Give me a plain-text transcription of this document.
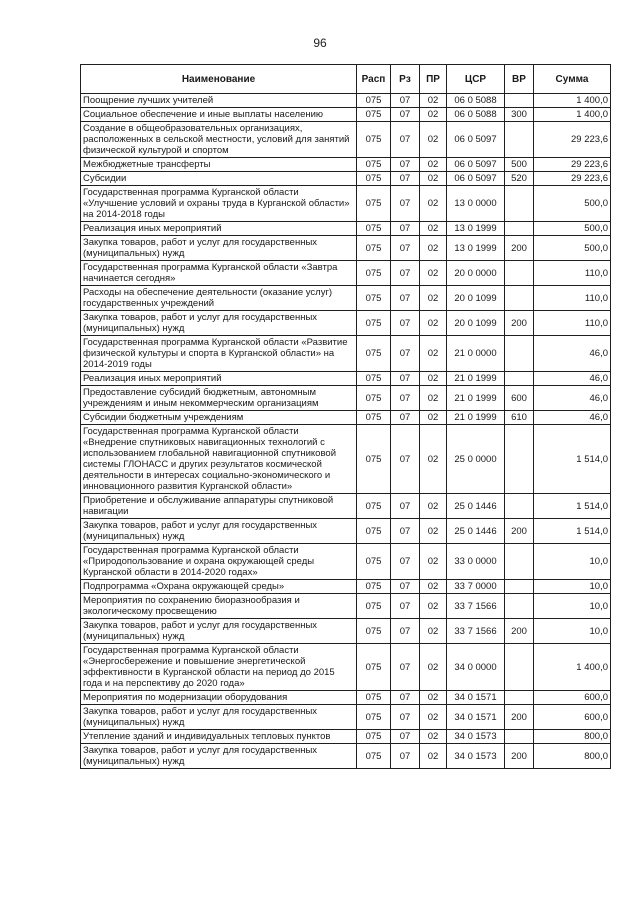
96
Наименование	Расп	Рз	ПР	ЦСР	ВР	Сумма
Поощрение лучших учителей	075	07	02	06 0 5088		1 400,0
Социальное обеспечение и иные выплаты населению	075	07	02	06 0 5088	300	1 400,0
Создание в общеобразовательных организациях, расположенных в сельской местности, условий для занятий физической культурой и спортом	075	07	02	06 0 5097		29 223,6
Межбюджетные трансферты	075	07	02	06 0 5097	500	29 223,6
Субсидии	075	07	02	06 0 5097	520	29 223,6
Государственная программа Курганской области «Улучшение условий и охраны труда в Курганской области» на 2014-2018 годы	075	07	02	13 0 0000		500,0
Реализация иных мероприятий	075	07	02	13 0 1999		500,0
Закупка товаров, работ и услуг для государственных (муниципальных) нужд	075	07	02	13 0 1999	200	500,0
Государственная программа Курганской области «Завтра начинается сегодня»	075	07	02	20 0 0000		110,0
Расходы на обеспечение деятельности (оказание услуг) государственных учреждений	075	07	02	20 0 1099		110,0
Закупка товаров, работ и услуг для государственных (муниципальных) нужд	075	07	02	20 0 1099	200	110,0
Государственная программа Курганской области «Развитие физической культуры и спорта в Курганской области» на 2014-2019 годы	075	07	02	21 0 0000		46,0
Реализация иных мероприятий	075	07	02	21 0 1999		46,0
Предоставление субсидий бюджетным, автономным учреждениям и иным некоммерческим организациям	075	07	02	21 0 1999	600	46,0
Субсидии бюджетным учреждениям	075	07	02	21 0 1999	610	46,0
Государственная программа Курганской области «Внедрение спутниковых навигационных технологий с использованием глобальной навигационной спутниковой системы ГЛОНАСС и других результатов космической деятельности в интересах социально-экономического и инновационного развития Курганской области»	075	07	02	25 0 0000		1 514,0
Приобретение и обслуживание аппаратуры спутниковой навигации	075	07	02	25 0 1446		1 514,0
Закупка товаров, работ и услуг для государственных (муниципальных) нужд	075	07	02	25 0 1446	200	1 514,0
Государственная программа Курганской области «Природопользование и охрана окружающей среды Курганской области в 2014-2020 годах»	075	07	02	33 0 0000		10,0
Подпрограмма «Охрана окружающей среды»	075	07	02	33 7 0000		10,0
Мероприятия по сохранению биоразнообразия и экологическому просвещению	075	07	02	33 7 1566		10,0
Закупка товаров, работ и услуг для государственных (муниципальных) нужд	075	07	02	33 7 1566	200	10,0
Государственная программа Курганской области «Энергосбережение и повышение энергетической эффективности в Курганской области на период до 2015 года и на перспективу до 2020 года»	075	07	02	34 0 0000		1 400,0
Мероприятия по модернизации оборудования	075	07	02	34 0 1571		600,0
Закупка товаров, работ и услуг для государственных (муниципальных) нужд	075	07	02	34 0 1571	200	600,0
Утепление зданий и индивидуальных тепловых пунктов	075	07	02	34 0 1573		800,0
Закупка товаров, работ и услуг для государственных (муниципальных) нужд	075	07	02	34 0 1573	200	800,0
